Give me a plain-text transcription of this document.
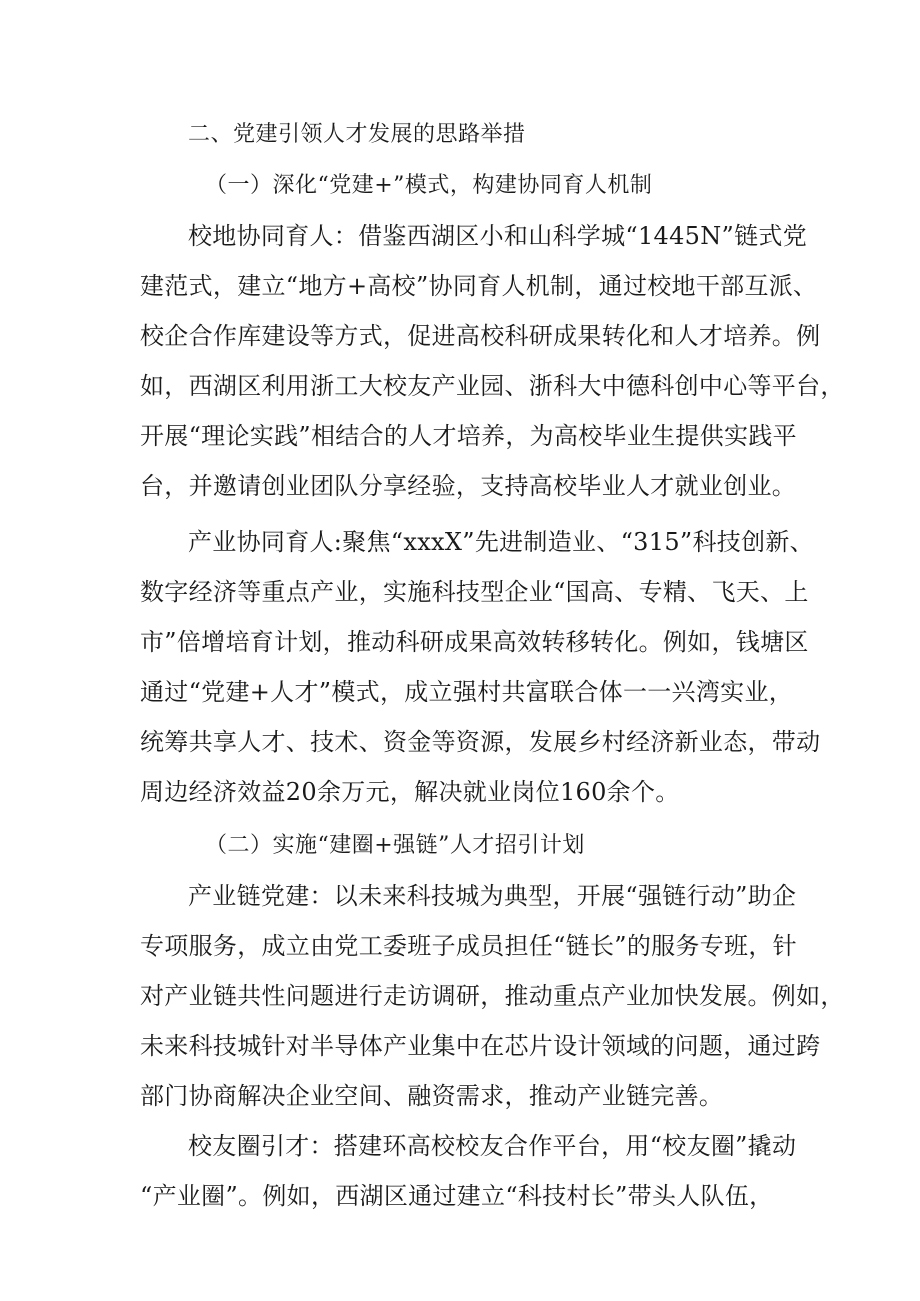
二、党建引领人才发展的思路举措
（一）深化“党建+”模式，构建协同育人机制
校地协同育人：借鉴西湖区小和山科学城“1445N”链式党
建范式，建立“地方+高校”协同育人机制，通过校地干部互派、
校企合作库建设等方式，促进高校科研成果转化和人才培养。例
如，西湖区利用浙工大校友产业园、浙科大中德科创中心等平台，
开展“理论实践”相结合的人才培养，为高校毕业生提供实践平
台，并邀请创业团队分享经验，支持高校毕业人才就业创业。
产业协同育人:聚焦“xxxX”先进制造业、“315”科技创新、
数字经济等重点产业，实施科技型企业“国高、专精、飞天、上
市”倍增培育计划，推动科研成果高效转移转化。例如，钱塘区
通过“党建+人才”模式，成立强村共富联合体一一兴湾实业，
统筹共享人才、技术、资金等资源，发展乡村经济新业态，带动
周边经济效益20余万元，解决就业岗位160余个。
（二）实施“建圈+强链”人才招引计划
产业链党建：以未来科技城为典型，开展“强链行动”助企
专项服务，成立由党工委班子成员担任“链长”的服务专班，针
对产业链共性问题进行走访调研，推动重点产业加快发展。例如，
未来科技城针对半导体产业集中在芯片设计领域的问题，通过跨
部门协商解决企业空间、融资需求，推动产业链完善。
校友圈引才：搭建环高校校友合作平台，用“校友圈”撬动
“产业圈”。例如，西湖区通过建立“科技村长”带头人队伍，
